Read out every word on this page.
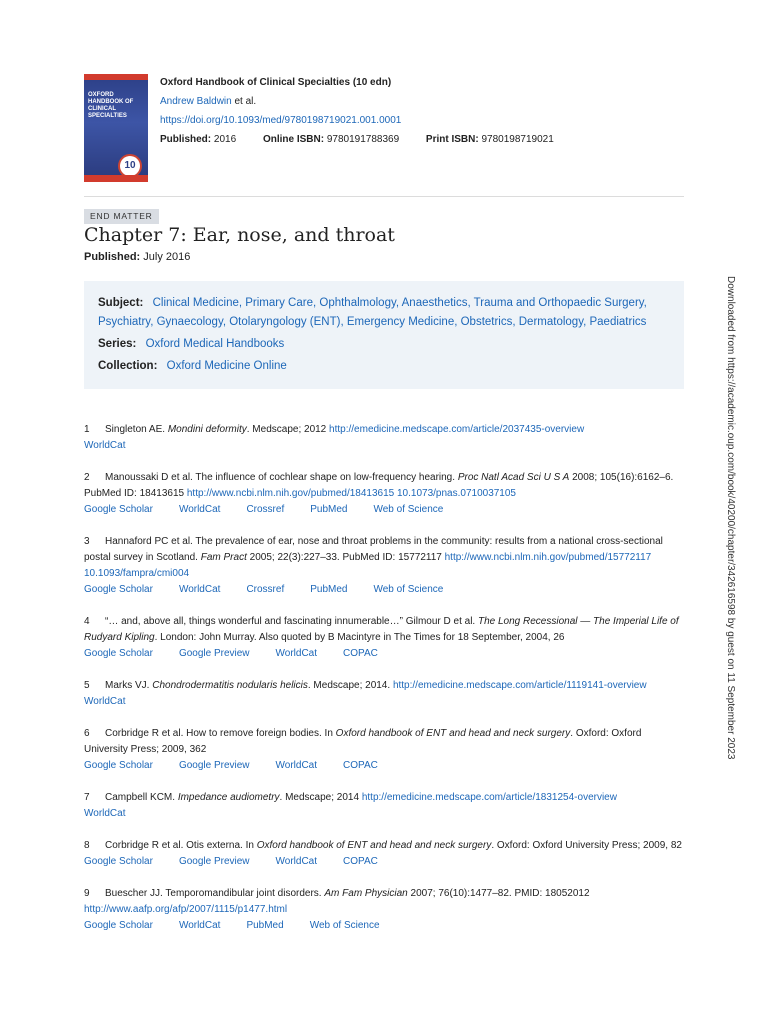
OXFORD HANDBOOK OF CLINICAL SPECIALTIES
10
Oxford Handbook of Clinical Specialties (10 edn)
Andrew Baldwin et al.
https://doi.org/10.1093/med/9780198719021.001.0001
Published: 2016	Online ISBN: 9780191788369	Print ISBN: 9780198719021
END MATTER
Chapter 7: Ear, nose, and throat
Published: July 2016
Subject: Clinical Medicine, Primary Care, Ophthalmology, Anaesthetics, Trauma and Orthopaedic Surgery,
Psychiatry, Gynaecology, Otolaryngology (ENT), Emergency Medicine, Obstetrics, Dermatology, Paediatrics
Series: Oxford Medical Handbooks
Collection: Oxford Medicine Online
1 Singleton AE. Mondini deformity. Medscape; 2012 http://emedicine.medscape.com/article/2037435-overview
WorldCat
2 Manoussaki D et al. The influence of cochlear shape on low-frequency hearing. Proc Natl Acad Sci U S A 2008; 105(16):6162–6. PubMed ID: 18413615 http://www.ncbi.nlm.nih.gov/pubmed/18413615 10.1073/pnas.0710037105
Google Scholar	WorldCat	Crossref	PubMed	Web of Science
3 Hannaford PC et al. The prevalence of ear, nose and throat problems in the community: results from a national cross-sectional postal survey in Scotland. Fam Pract 2005; 22(3):227–33. PubMed ID: 15772117 http://www.ncbi.nlm.nih.gov/pubmed/15772117 10.1093/fampra/cmi004
Google Scholar	WorldCat	Crossref	PubMed	Web of Science
4 “… and, above all, things wonderful and fascinating innumerable…” Gilmour D et al. The Long Recessional — The Imperial Life of Rudyard Kipling. London: John Murray. Also quoted by B Macintyre in The Times for 18 September, 2004, 26
Google Scholar	Google Preview	WorldCat	COPAC
5 Marks VJ. Chondrodermatitis nodularis helicis. Medscape; 2014. http://emedicine.medscape.com/article/1119141-overview
WorldCat
6 Corbridge R et al. How to remove foreign bodies. In Oxford handbook of ENT and head and neck surgery. Oxford: Oxford University Press; 2009, 362
Google Scholar	Google Preview	WorldCat	COPAC
7 Campbell KCM. Impedance audiometry. Medscape; 2014 http://emedicine.medscape.com/article/1831254-overview
WorldCat
8 Corbridge R et al. Otis externa. In Oxford handbook of ENT and head and neck surgery. Oxford: Oxford University Press; 2009, 82
Google Scholar	Google Preview	WorldCat	COPAC
9 Buescher JJ. Temporomandibular joint disorders. Am Fam Physician 2007; 76(10):1477–82. PMID: 18052012 http://www.aafp.org/afp/2007/1115/p1477.html
Google Scholar	WorldCat	PubMed	Web of Science
Downloaded from https://academic.oup.com/book/40200/chapter/342616598 by guest on 11 September 2023
